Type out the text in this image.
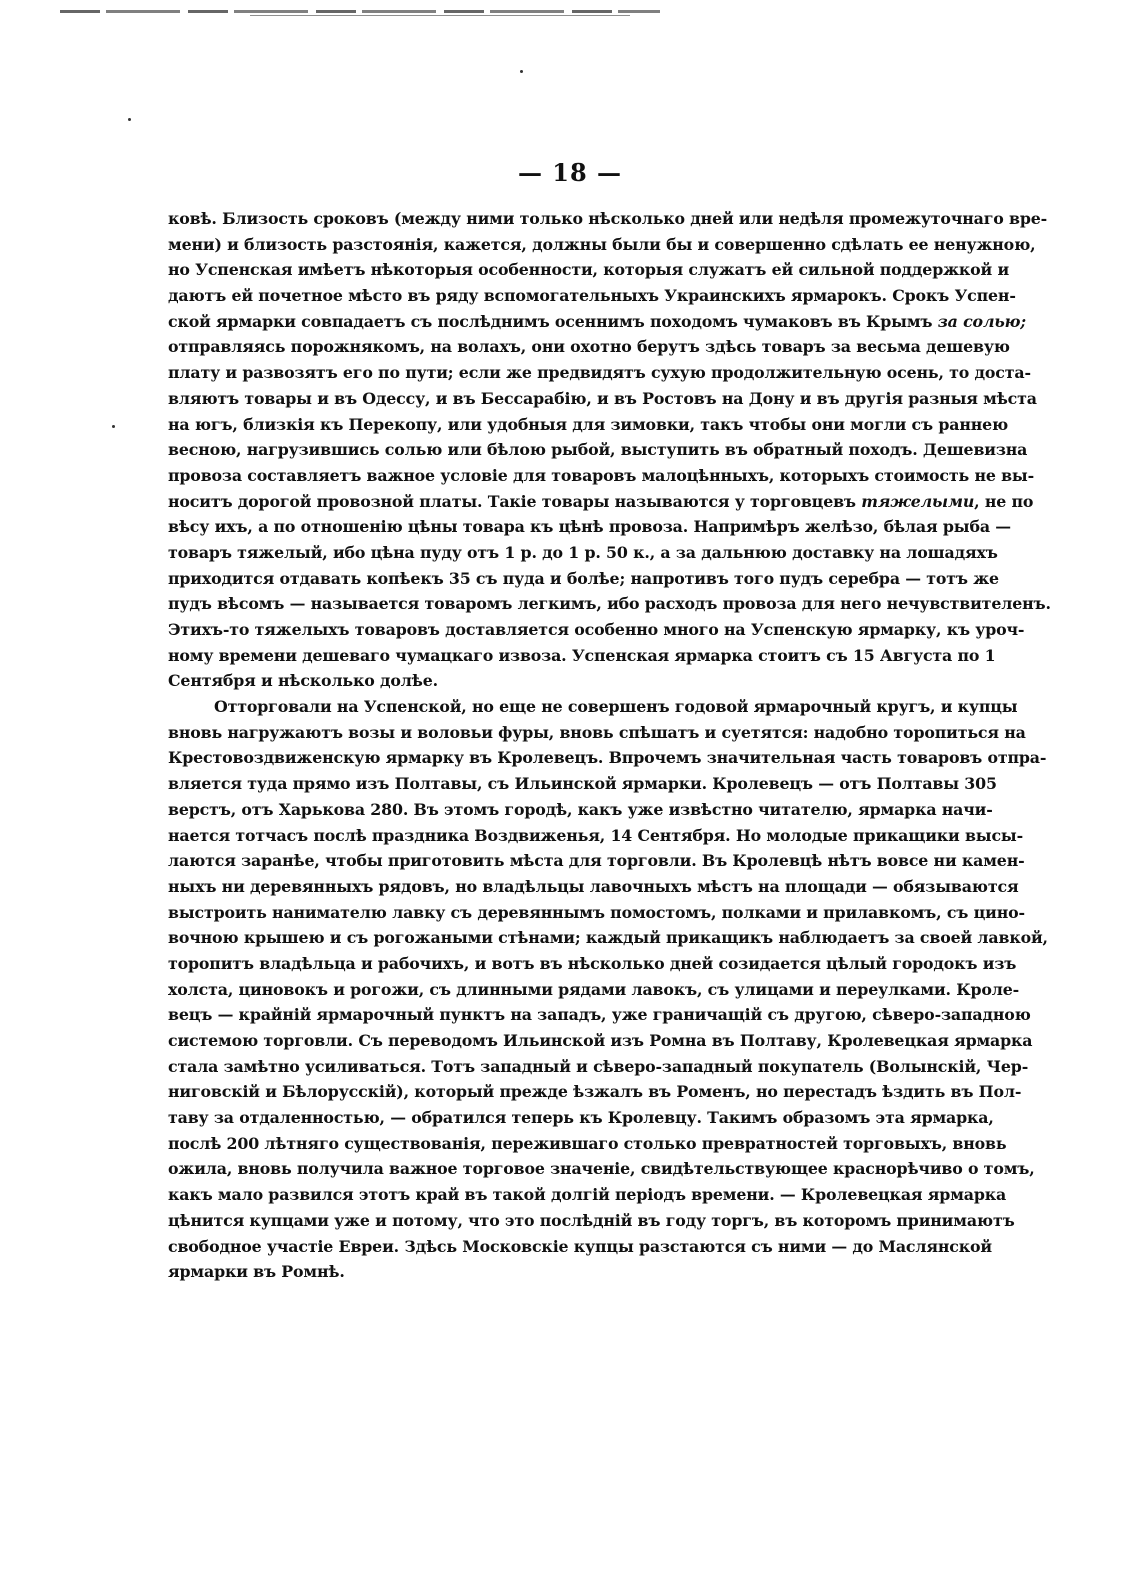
— 18 —
ковѣ. Близость сроковъ (между ними только нѣсколько дней или недѣля промежуточнаго вре-
мени) и близость разстоянія, кажется, должны были бы и совершенно сдѣлать ее ненужною,
но Успенская имѣетъ нѣкоторыя особенности, которыя служатъ ей сильной поддержкой и
даютъ ей почетное мѣсто въ ряду вспомогательныхъ Украинскихъ ярмарокъ. Срокъ Успен-
ской ярмарки совпадаетъ съ послѣднимъ осеннимъ походомъ чумаковъ въ Крымъ за солью;
отправляясь порожнякомъ, на волахъ, они охотно берутъ здѣсь товаръ за весьма дешевую
плату и развозятъ его по пути; если же предвидятъ сухую продолжительную осень, то доста-
вляютъ товары и въ Одессу, и въ Бессарабію, и въ Ростовъ на Дону и въ другія разныя мѣста
на югъ, близкія къ Перекопу, или удобныя для зимовки, такъ чтобы они могли съ раннею
весною, нагрузившись солью или бѣлою рыбой, выступить въ обратный походъ. Дешевизна
провоза составляетъ важное условіе для товаровъ малоцѣнныхъ, которыхъ стоимость не вы-
носитъ дорогой провозной платы. Такіе товары называются у торговцевъ тяжелыми, не по
вѣсу ихъ, а по отношенію цѣны товара къ цѣнѣ провоза. Напримѣръ желѣзо, бѣлая рыба —
товаръ тяжелый, ибо цѣна пуду отъ 1 р. до 1 р. 50 к., а за дальнюю доставку на лошадяхъ
приходится отдавать копѣекъ 35 съ пуда и болѣе; напротивъ того пудъ серебра — тотъ же
пудъ вѣсомъ — называется товаромъ легкимъ, ибо расходъ провоза для него нечувствителенъ.
Этихъ-то тяжелыхъ товаровъ доставляется особенно много на Успенскую ярмарку, къ уроч-
ному времени дешеваго чумацкаго извоза. Успенская ярмарка стоитъ съ 15 Августа по 1
Сентября и нѣсколько долѣе.
Отторговали на Успенской, но еще не совершенъ годовой ярмарочный кругъ, и купцы
вновь нагружаютъ возы и воловьи фуры, вновь спѣшатъ и суетятся: надобно торопиться на
Крестовоздвиженскую ярмарку въ Кролевецъ. Впрочемъ значительная часть товаровъ отпра-
вляется туда прямо изъ Полтавы, съ Ильинской ярмарки. Кролевецъ — отъ Полтавы 305
верстъ, отъ Харькова 280. Въ этомъ городѣ, какъ уже извѣстно читателю, ярмарка начи-
нается тотчасъ послѣ праздника Воздвиженья, 14 Сентября. Но молодые прикащики высы-
лаются заранѣе, чтобы приготовить мѣста для торговли. Въ Кролевцѣ нѣтъ вовсе ни камен-
ныхъ ни деревянныхъ рядовъ, но владѣльцы лавочныхъ мѣстъ на площади — обязываются
выстроить нанимателю лавку съ деревяннымъ помостомъ, полками и прилавкомъ, съ цино-
вочною крышею и съ рогожаными стѣнами; каждый прикащикъ наблюдаетъ за своей лавкой,
торопитъ владѣльца и рабочихъ, и вотъ въ нѣсколько дней созидается цѣлый городокъ изъ
холста, циновокъ и рогожи, съ длинными рядами лавокъ, съ улицами и переулками. Кроле-
вецъ — крайній ярмарочный пунктъ на западъ, уже граничащій съ другою, сѣверо-западною
системою торговли. Съ переводомъ Ильинской изъ Ромна въ Полтаву, Кролевецкая ярмарка
стала замѣтно усиливаться. Тотъ западный и сѣверо-западный покупатель (Волынскій, Чер-
ниговскій и Бѣлорусскій), который прежде ѣзжалъ въ Роменъ, но перестадъ ѣздить въ Пол-
таву за отдаленностью, — обратился теперь къ Кролевцу. Такимъ образомъ эта ярмарка,
послѣ 200 лѣтняго существованія, пережившаго столько превратностей торговыхъ, вновь
ожила, вновь получила важное торговое значеніе, свидѣтельствующее краснорѣчиво о томъ,
какъ мало развился этотъ край въ такой долгій періодъ времени. — Кролевецкая ярмарка
цѣнится купцами уже и потому, что это послѣдній въ году торгъ, въ которомъ принимаютъ
свободное участіе Евреи. Здѣсь Московскіе купцы разстаются съ ними — до Маслянской
ярмарки въ Ромнѣ.
